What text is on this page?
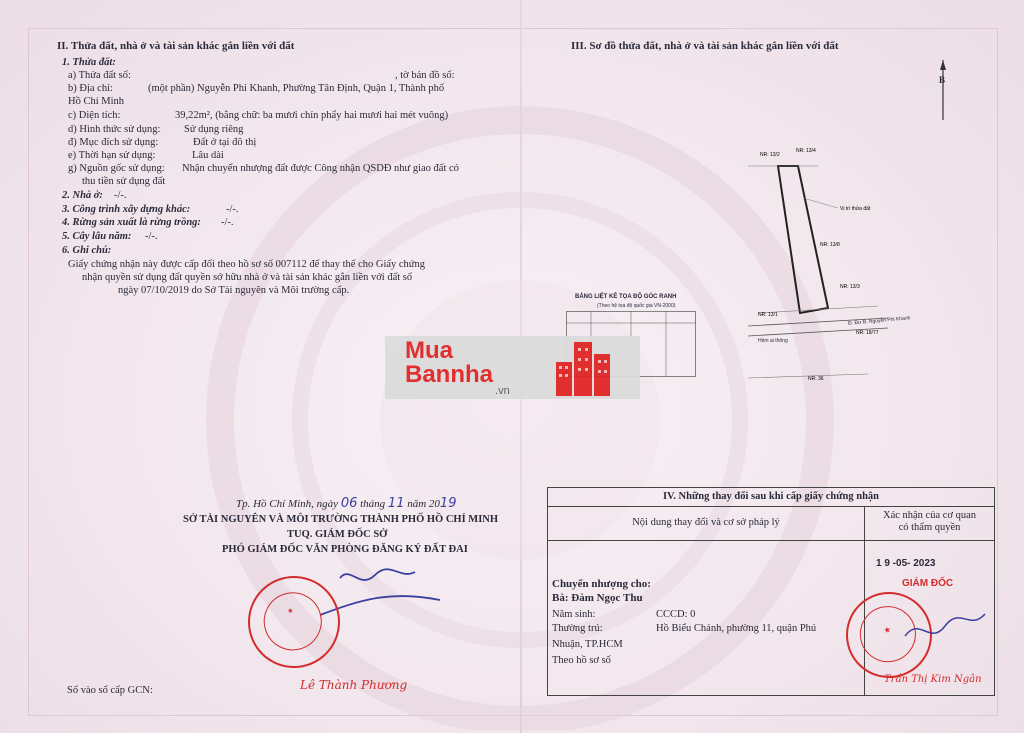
II. Thửa đất, nhà ở và tài sản khác gắn liền với đất
1. Thửa đất:
a) Thửa đất số:	, tờ bản đồ số:
b) Địa chỉ:	(một phần) Nguyễn Phi Khanh, Phường Tân Định, Quận 1, Thành phố
Hồ Chí Minh
c) Diện tích:	39,22m², (bằng chữ: ba mươi chín phẩy hai mươi hai mét vuông)
d) Hình thức sử dụng: Sử dụng riêng
đ) Mục đích sử dụng:	Đất ở tại đô thị
e) Thời hạn sử dụng:	Lâu dài
g) Nguồn gốc sử dụng: Nhận chuyển nhượng đất được Công nhận QSDĐ như giao đất có
thu tiền sử dụng đất
2. Nhà ở: -/-.
3. Công trình xây dựng khác:	-/-.
4. Rừng sản xuất là rừng trồng: -/-.
5. Cây lâu năm: -/-.
6. Ghi chú:
Giấy chứng nhận này được cấp đổi theo hồ sơ số 007112 để thay thế cho Giấy chứng
nhận quyền sử dụng đất quyền sở hữu nhà ở và tài sản khác gắn liền với đất số
ngày 07/10/2019 do Sở Tài nguyên và Môi trường cấp.
III. Sơ đồ thửa đất, nhà ở và tài sản khác gắn liền với đất
B
NR: 13/2
NR: 13/4
Vị trí thửa đất
NR: 13/8
NR: 13/3
NR: 13/1
NR: 18/77
NR: 36
Đ. Đư B. Nguyễn Phi Khanh
Hẻm ai thông
BẢNG LIỆT KÊ TỌA ĐỘ GÓC RANH
(Theo hệ tọa độ quốc gia VN-2000)
Mua
Bannha
.vn
Tp. Hồ Chí Minh, ngày 06 tháng 11 năm 2019
SỞ TÀI NGUYÊN VÀ MÔI TRƯỜNG THÀNH PHỐ HỒ CHÍ MINH
TUQ. GIÁM ĐỐC SỞ
PHÓ GIÁM ĐỐC VĂN PHÒNG ĐĂNG KÝ ĐẤT ĐAI
★
Lê Thành Phương
Số vào sổ cấp GCN:
IV. Những thay đổi sau khi cấp giấy chứng nhận
Nội dung thay đổi và cơ sở pháp lý
Xác nhận của cơ quan
có thẩm quyền
Chuyển nhượng cho:
Bà: Đàm Ngọc Thu
Năm sinh:	CCCD: 0
Thường trú:	Hồ Biểu Chánh, phường 11, quận Phú
Nhuận, TP.HCM
Theo hồ sơ số
1 9 -05- 2023
GIÁM ĐỐC
★
Trần Thị Kim Ngân
